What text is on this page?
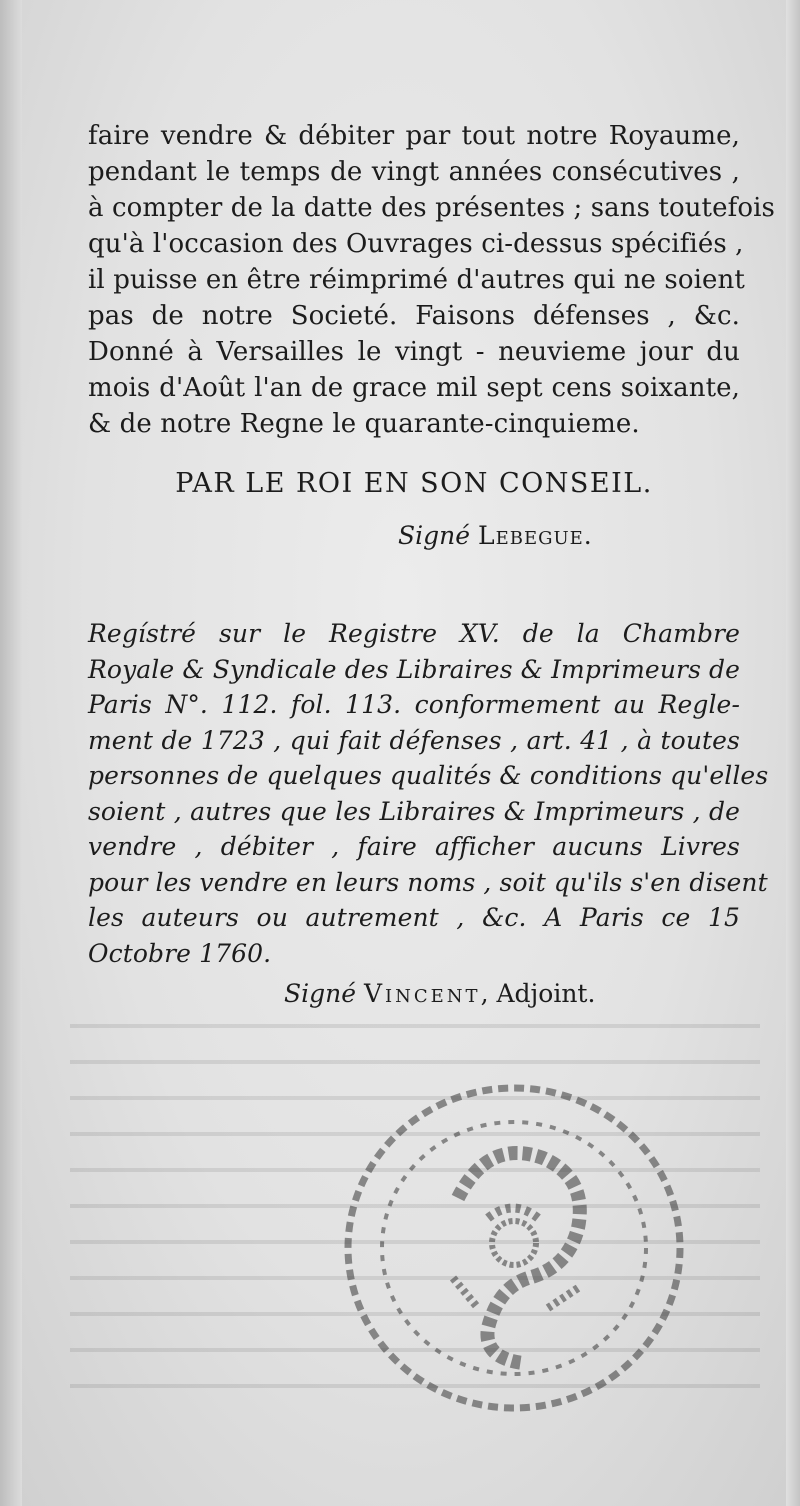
faire vendre & débiter par tout notre Royaume,
pendant le temps de vingt années consécutives ,
à compter de la datte des présentes ; sans toutefois
qu'à l'occasion des Ouvrages ci-dessus spécifiés ,
il puisse en être réimprimé d'autres qui ne soient
pas de notre Societé. Faisons défenses , &c.
Donné à Versailles le vingt - neuvieme jour du
mois d'Août l'an de grace mil sept cens soixante,
& de notre Regne le quarante-cinquieme.
PAR LE ROI EN SON CONSEIL.
Signé Lebegue.
Regístré sur le Registre XV. de la Chambre
Royale & Syndicale des Libraires & Imprimeurs de
Paris N°. 112. fol. 113. conformement au Regle-
ment de 1723 , qui fait défenses , art. 41 , à toutes
personnes de quelques qualités & conditions qu'elles
soient , autres que les Libraires & Imprimeurs , de
vendre , débiter , faire afficher aucuns Livres
pour les vendre en leurs noms , soit qu'ils s'en disent
les auteurs ou autrement , &c. A Paris ce 15
Octobre 1760.
Signé Vincent, Adjoint.
